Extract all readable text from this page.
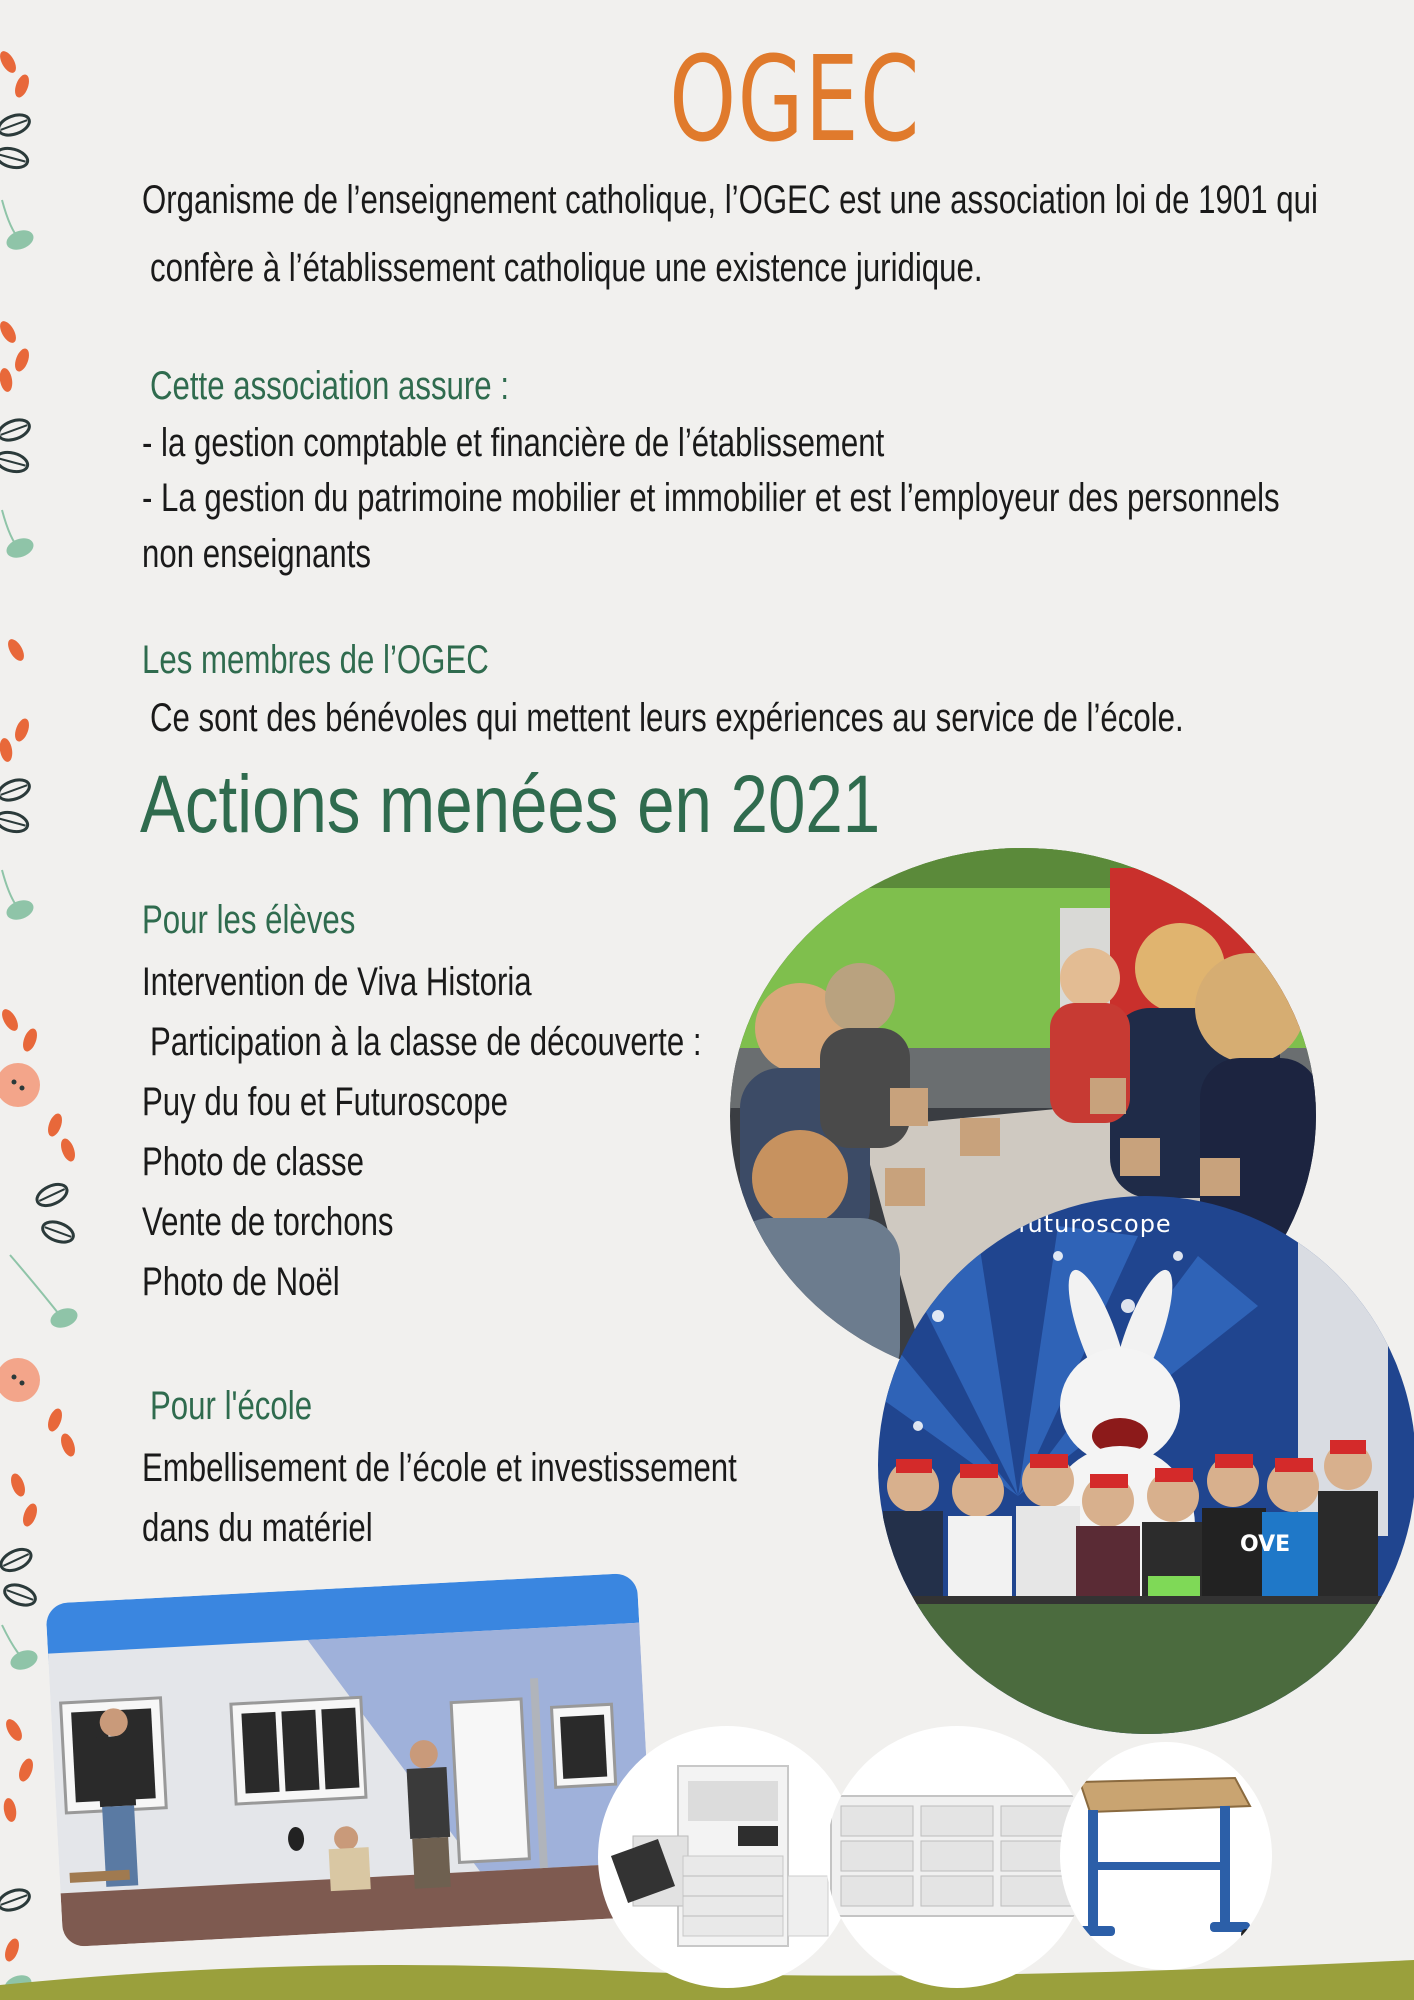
OGEC
Organisme de l’enseignement catholique, l’OGEC est une association loi de 1901 qui
confère à l’établissement catholique une existence juridique.
Cette association assure :
- la gestion comptable et financière de l’établissement
- La gestion du patrimoine mobilier et immobilier et est l’employeur des personnels
non enseignants
Les membres de l’OGEC
Ce sont des bénévoles qui mettent leurs expériences au service de l’école.
Actions menées en 2021
Pour les élèves
Intervention de Viva Historia
Participation à la classe de découverte :
Puy du fou et Futuroscope
Photo de classe
Vente de torchons
Photo de Noël
Pour l'école
Embellisement de l’école et investissement
dans du matériel
futuroscope
OVE
